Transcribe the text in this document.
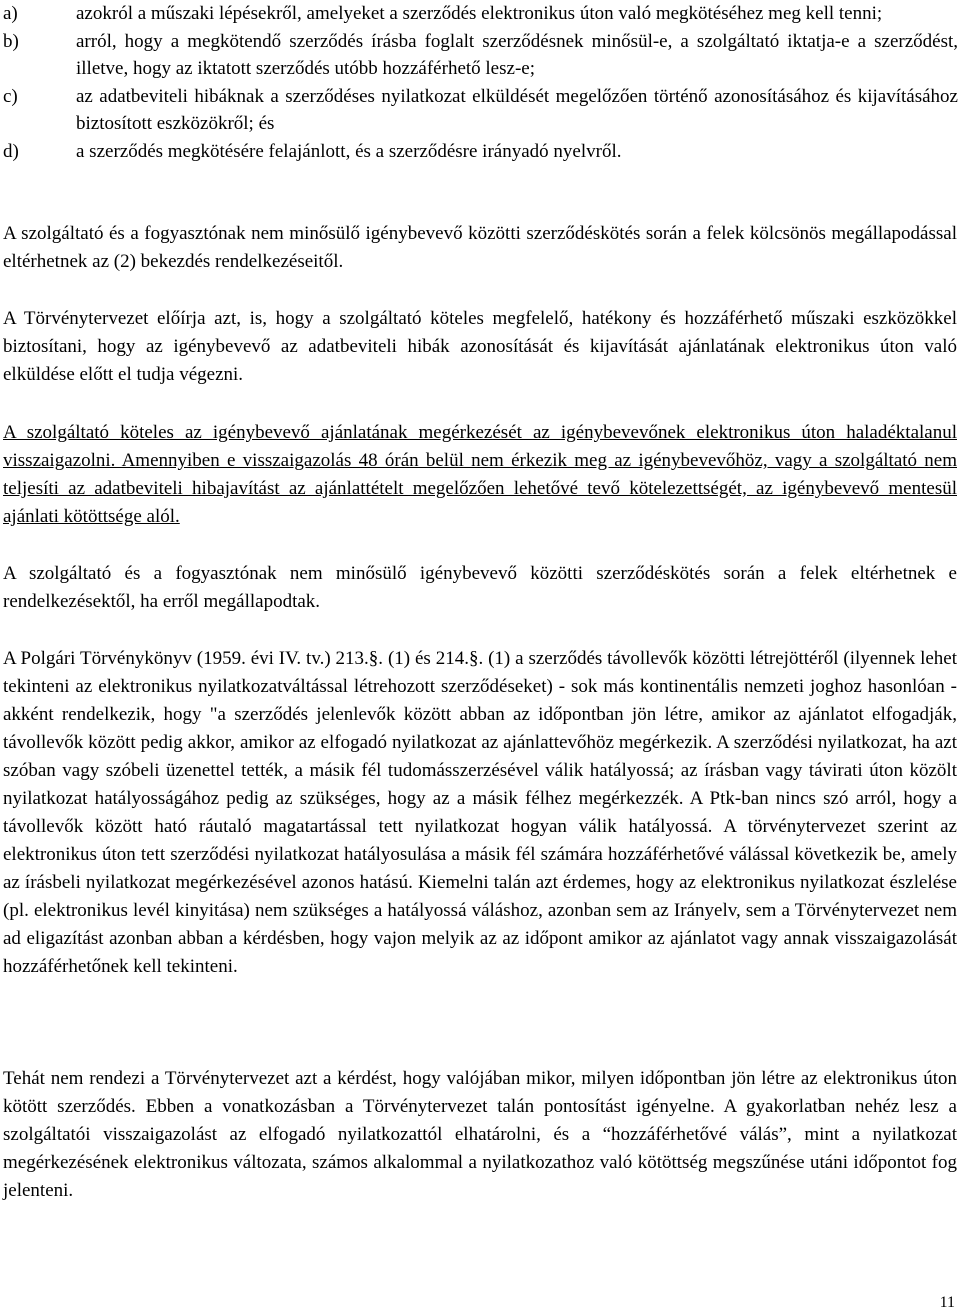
a)	azokról a műszaki lépésekről, amelyeket a szerződés elektronikus úton való megkötéséhez meg kell tenni;
b)	arról, hogy a megkötendő szerződés írásba foglalt szerződésnek minősül-e, a szolgáltató iktatja-e a szerződést, illetve, hogy az iktatott szerződés utóbb hozzáférhető lesz-e;
c)	az adatbeviteli hibáknak a szerződéses nyilatkozat elküldését megelőzően történő azonosításához és kijavításához biztosított eszközökről; és
d)	a szerződés megkötésére felajánlott, és a szerződésre irányadó nyelvről.

A szolgáltató és a fogyasztónak nem minősülő igénybevevő közötti szerződéskötés során a felek kölcsönös megállapodással eltérhetnek az (2) bekezdés rendelkezéseitől.

A Törvénytervezet előírja azt, is, hogy a szolgáltató köteles megfelelő, hatékony és hozzáférhető műszaki eszközökkel biztosítani, hogy az igénybevevő az adatbeviteli hibák azonosítását és kijavítását ajánlatának elektronikus úton való elküldése előtt el tudja végezni.

A szolgáltató köteles az igénybevevő ajánlatának megérkezését az igénybevevőnek elektronikus úton haladéktalanul visszaigazolni. Amennyiben e visszaigazolás 48 órán belül nem érkezik meg az igénybevevőhöz, vagy a szolgáltató nem teljesíti az adatbeviteli hibajavítást az ajánlattételt megelőzően lehetővé tevő kötelezettségét, az igénybevevő mentesül ajánlati kötöttsége alól.

A szolgáltató és a fogyasztónak nem minősülő igénybevevő közötti szerződéskötés során a felek eltérhetnek e rendelkezésektől, ha erről megállapodtak.

A Polgári Törvénykönyv (1959. évi IV. tv.) 213.§. (1) és 214.§. (1) a szerződés távollevők közötti létrejöttéről (ilyennek lehet tekinteni az elektronikus nyilatkozatváltással létrehozott szerződéseket) - sok más kontinentális nemzeti joghoz hasonlóan - akként rendelkezik, hogy "a szerződés jelenlevők között abban az időpontban jön létre, amikor az ajánlatot elfogadják, távollevők között pedig akkor, amikor az elfogadó nyilatkozat az ajánlattevőhöz megérkezik. A szerződési nyilatkozat, ha azt szóban vagy szóbeli üzenettel tették, a másik fél tudomásszerzésével válik hatályossá; az írásban vagy távirati úton közölt nyilatkozat hatályosságához pedig az szükséges, hogy az a másik félhez megérkezzék. A Ptk-ban nincs szó arról, hogy a távollevők között ható ráutaló magatartással tett nyilatkozat hogyan válik hatályossá. A törvénytervezet szerint az elektronikus úton tett szerződési nyilatkozat hatályosulása a másik fél számára hozzáférhetővé válással következik be, amely az írásbeli nyilatkozat megérkezésével azonos hatású. Kiemelni talán azt érdemes, hogy az elektronikus nyilatkozat észlelése (pl. elektronikus levél kinyitása) nem szükséges a hatályossá váláshoz, azonban sem az Irányelv, sem a Törvénytervezet nem ad eligazítást azonban abban a kérdésben, hogy vajon melyik az az időpont amikor az ajánlatot vagy annak visszaigazolását hozzáférhetőnek kell tekinteni.

Tehát nem rendezi a Törvénytervezet azt a kérdést, hogy valójában mikor, milyen időpontban jön létre az elektronikus úton kötött szerződés. Ebben a vonatkozásban a Törvénytervezet talán pontosítást igényelne. A gyakorlatban nehéz lesz a szolgáltatói visszaigazolást az elfogadó nyilatkozattól elhatárolni, és a “hozzáférhetővé válás”, mint a nyilatkozat megérkezésének elektronikus változata, számos alkalommal a nyilatkozathoz való kötöttség megszűnése utáni időpontot fog jelenteni.

11
